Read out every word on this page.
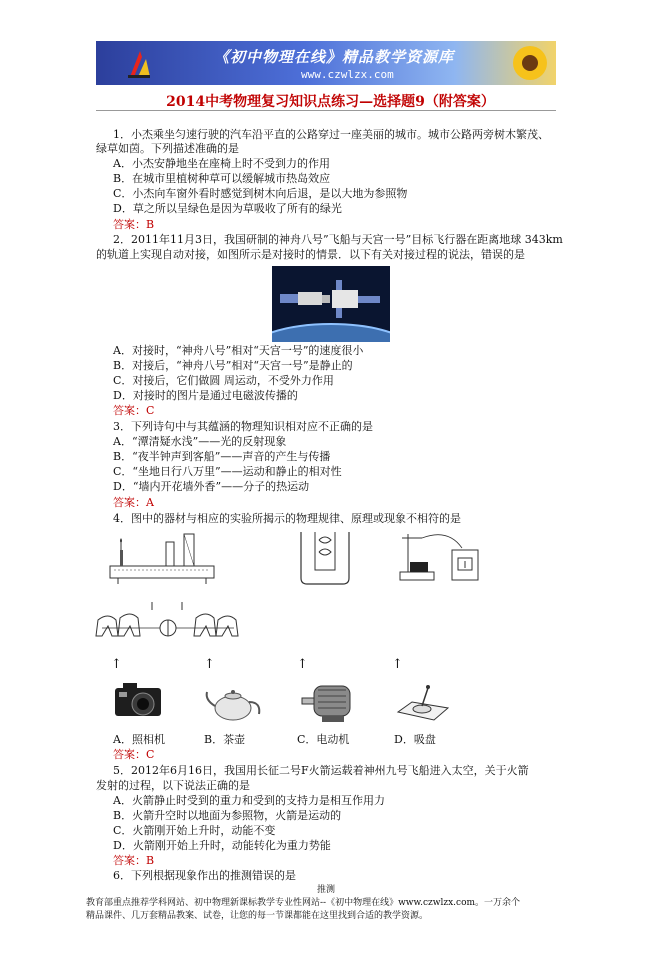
《初中物理在线》精品教学资源库
www.czwlzx.com
2014中考物理复习知识点练习—选择题9（附答案）
1．小杰乘坐匀速行驶的汽车沿平直的公路穿过一座美丽的城市。城市公路两旁树木繁茂、
绿草如茵。下列描述准确的是
A．小杰安静地坐在座椅上时不受到力的作用
B．在城市里植树种草可以缓解城市热岛效应
C．小杰向车窗外看时感觉到树木向后退，是以大地为参照物
D．草之所以呈绿色是因为草吸收了所有的绿光
答案：B
2．2011年11月3日，我国研制的神舟八号”飞船与天宫一号”目标飞行器在距离地球 343km
的轨道上实现自动对接，如图所示是对接时的情景．以下有关对接过程的说法，错误的是
A．对接时，“神舟八号”相对“天宫一号”的速度很小
B．对接后，“神舟八号”相对“天宫一号”是静止的
C．对接后，它们做圆 周运动，不受外力作用
D．对接时的图片是通过电磁波传播的
答案：C
3．下列诗句中与其蕴涵的物理知识相对应不正确的是
A．“潭清疑水浅”——光的反射现象
B．“夜半钟声到客船”——声音的产生与传播
C．“坐地日行八万里”——运动和静止的相对性
D．“墙内开花墙外香”——分子的热运动
答案：A
4．图中的器材与相应的实验所揭示的物理规律、原理或现象不相符的是
↑	↑	↑	↑
A．照相机	B．茶壶	C．电动机	D．吸盘
答案：C
5．2012年6月16日，我国用长征二号F火箭运载着神州九号飞船进入太空，关于火箭
发射的过程，以下说法正确的是
A．火箭静止时受到的重力和受到的支持力是相互作用力
B．火箭升空时以地面为参照物，火箭是运动的
C．火箭刚开始上升时，动能不变
D．火箭刚开始上升时，动能转化为重力势能
答案：B
6．下列根据现象作出的推测错误的是
推测
教育部重点推荐学科网站、初中物理新课标教学专业性网站--《初中物理在线》www.czwlzx.com。一万余个
精品课件、几万套精品教案、试卷，让您的每一节课都能在这里找到合适的教学资源。
